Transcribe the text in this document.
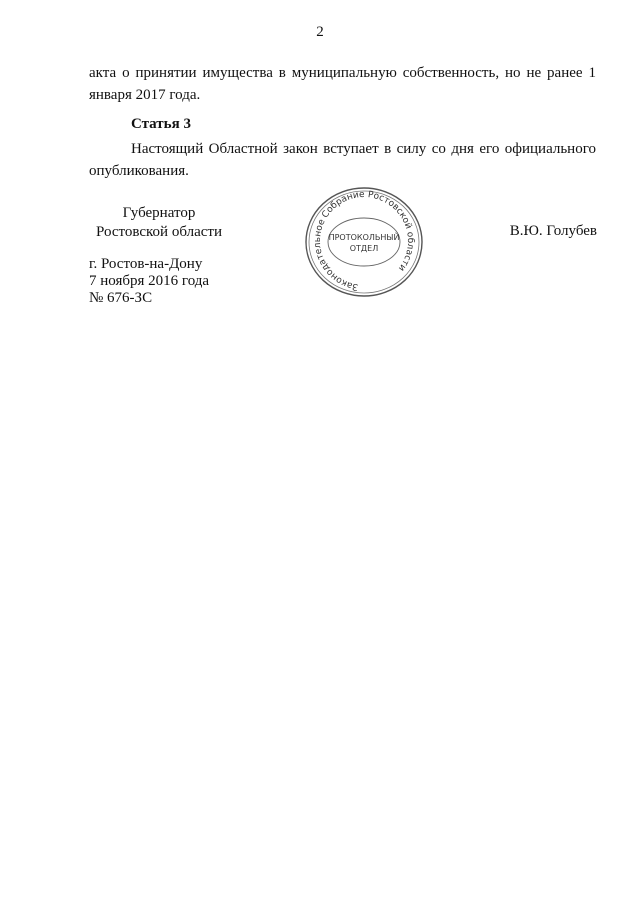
2
акта о принятии имущества в муниципальную собственность, но не ранее 1 января 2017 года.
Статья 3
Настоящий Областной закон вступает в силу со дня его официального опубликования.
Губернатор
Ростовской области
Законодательное Собрание Ростовской области
ПРОТОКОЛЬНЫЙ
ОТДЕЛ
В.Ю. Голубев
г. Ростов-на-Дону
7 ноября 2016 года
№ 676-ЗС
